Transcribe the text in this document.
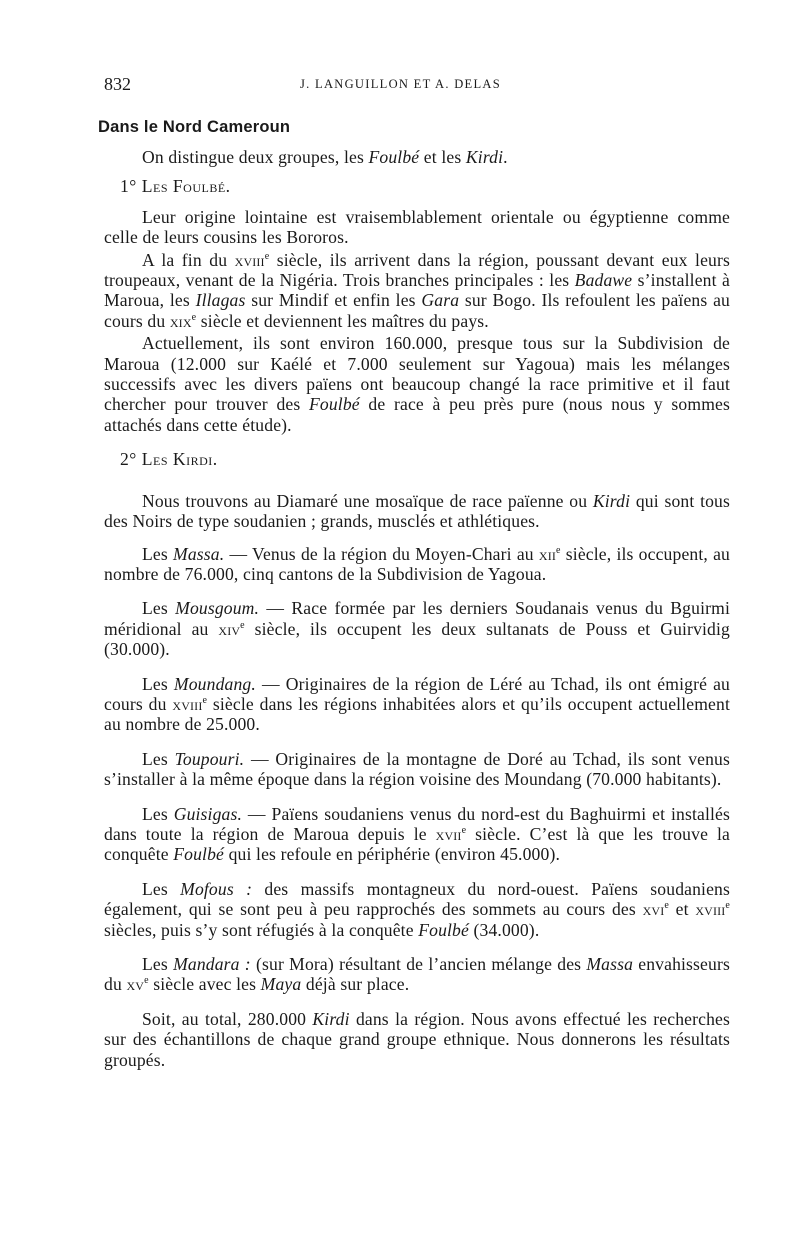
832	J. LANGUILLON ET A. DELAS
Dans le Nord Cameroun

On distingue deux groupes, les Foulbé et les Kirdi.

1° Les Foulbé.

Leur origine lointaine est vraisemblablement orientale ou égyptienne comme celle de leurs cousins les Bororos.

A la fin du xviii$^e$ siècle, ils arrivent dans la région, poussant devant eux leurs troupeaux, venant de la Nigéria. Trois branches principales : les Badawe s’installent à Maroua, les Illagas sur Mindif et enfin les Gara sur Bogo. Ils refoulent les païens au cours du xix$^e$ siècle et deviennent les maîtres du pays.

Actuellement, ils sont environ 160.000, presque tous sur la Subdivision de Maroua (12.000 sur Kaélé et 7.000 seulement sur Yagoua) mais les mélanges successifs avec les divers païens ont beaucoup changé la race primitive et il faut chercher pour trouver des Foulbé de race à peu près pure (nous nous y sommes attachés dans cette étude).

2° Les Kirdi.

Nous trouvons au Diamaré une mosaïque de race païenne ou Kirdi qui sont tous des Noirs de type soudanien ; grands, musclés et athlétiques.

Les Massa. — Venus de la région du Moyen-Chari au xii$^e$ siècle, ils occupent, au nombre de 76.000, cinq cantons de la Subdivision de Yagoua.

Les Mousgoum. — Race formée par les derniers Soudanais venus du Bguirmi méridional au xiv$^e$ siècle, ils occupent les deux sultanats de Pouss et Guirvidig (30.000).

Les Moundang. — Originaires de la région de Léré au Tchad, ils ont émigré au cours du xviii$^e$ siècle dans les régions inhabitées alors et qu’ils occupent actuellement au nombre de 25.000.

Les Toupouri. — Originaires de la montagne de Doré au Tchad, ils sont venus s’installer à la même époque dans la région voisine des Moundang (70.000 habitants).

Les Guisigas. — Païens soudaniens venus du nord-est du Baghuirmi et installés dans toute la région de Maroua depuis le xvii$^e$ siècle. C’est là que les trouve la conquête Foulbé qui les refoule en périphérie (environ 45.000).

Les Mofous : des massifs montagneux du nord-ouest. Païens soudaniens également, qui se sont peu à peu rapprochés des sommets au cours des xvi$^e$ et xviii$^e$ siècles, puis s’y sont réfugiés à la conquête Foulbé (34.000).

Les Mandara : (sur Mora) résultant de l’ancien mélange des Massa envahisseurs du $xv^e$ siècle avec les Maya déjà sur place.

Soit, au total, 280.000 Kirdi dans la région. Nous avons effectué les recherches sur des échantillons de chaque grand groupe ethnique. Nous donnerons les résultats groupés.
